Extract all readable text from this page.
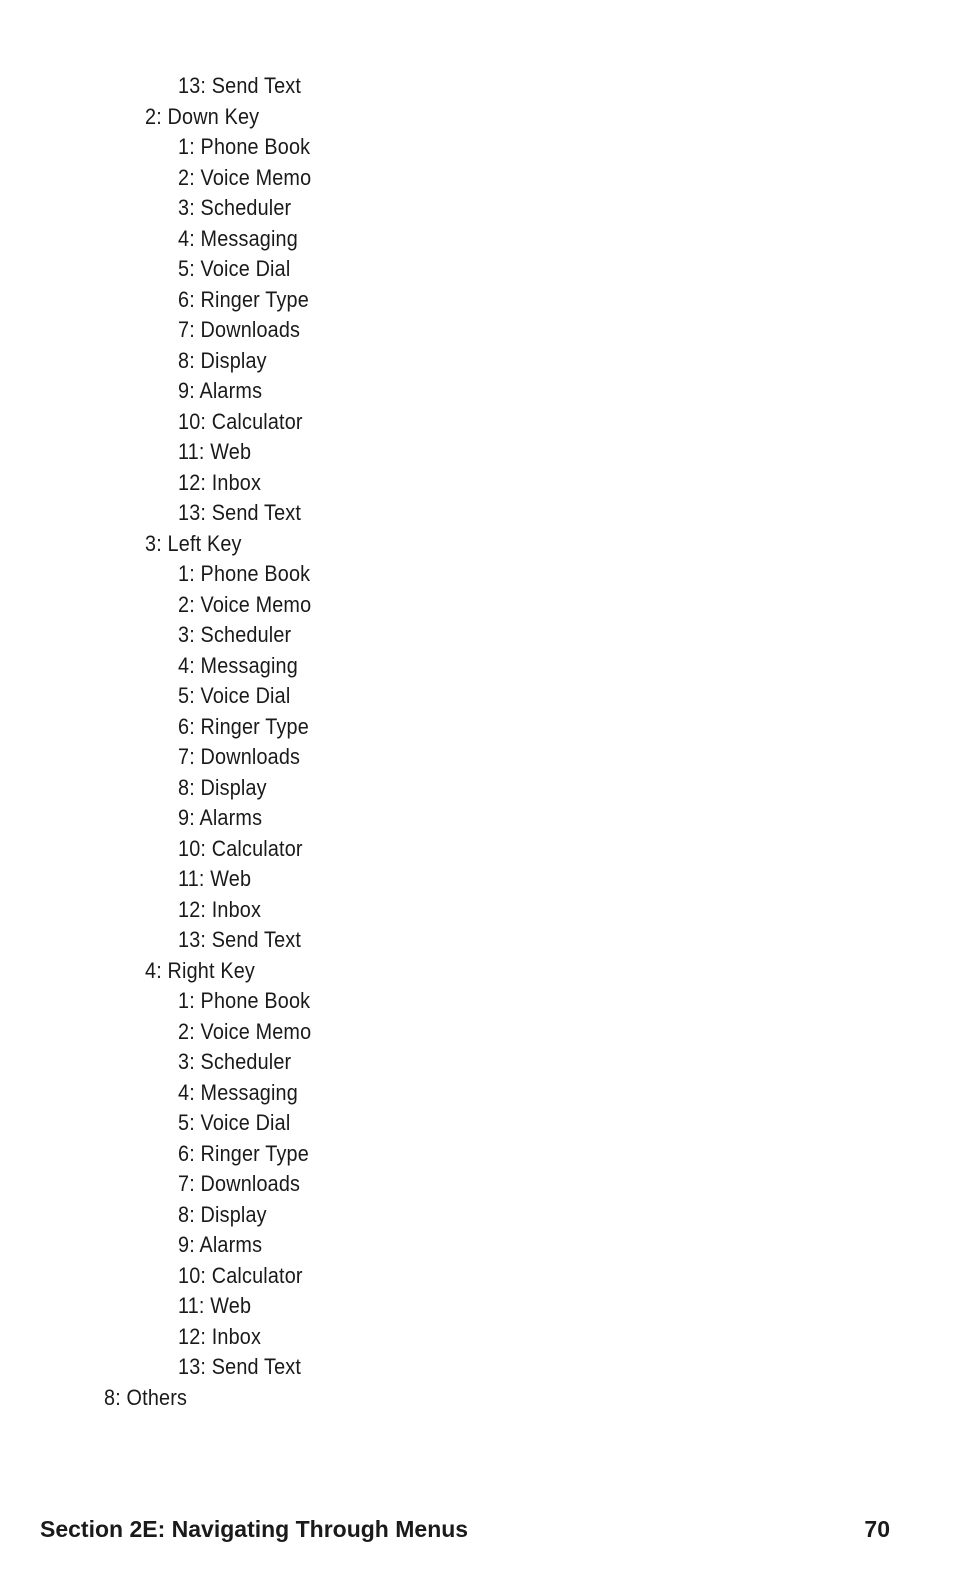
13: Send Text
2: Down Key
1: Phone Book
2: Voice Memo
3: Scheduler
4: Messaging
5: Voice Dial
6: Ringer Type
7: Downloads
8: Display
9: Alarms
10: Calculator
11: Web
12: Inbox
13: Send Text
3: Left Key
1: Phone Book
2: Voice Memo
3: Scheduler
4: Messaging
5: Voice Dial
6: Ringer Type
7: Downloads
8: Display
9: Alarms
10: Calculator
11: Web
12: Inbox
13: Send Text
4: Right Key
1: Phone Book
2: Voice Memo
3: Scheduler
4: Messaging
5: Voice Dial
6: Ringer Type
7: Downloads
8: Display
9: Alarms
10: Calculator
11: Web
12: Inbox
13: Send Text
8: Others
Section 2E: Navigating Through Menus	70
